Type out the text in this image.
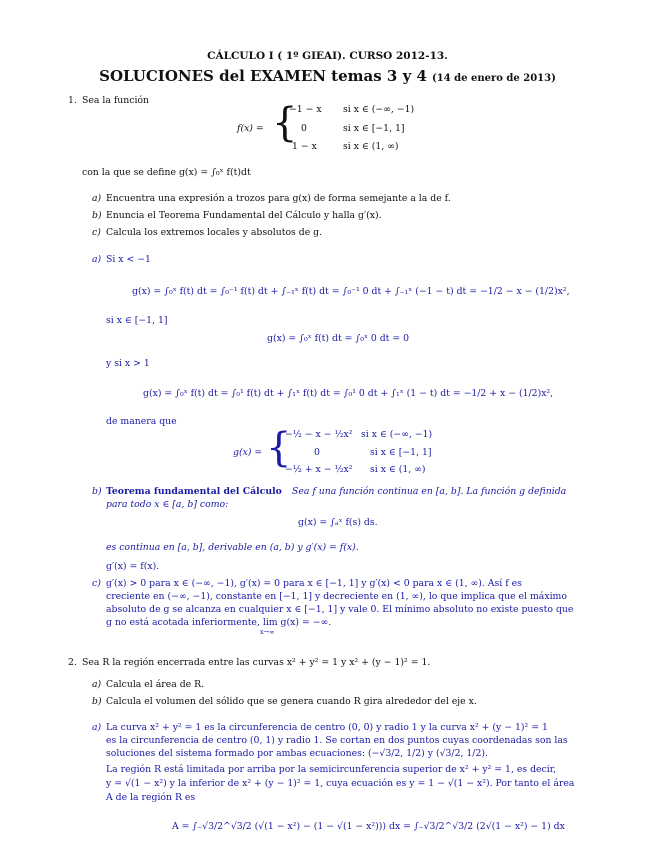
CÁLCULO I ( 1º GIEAI). CURSO 2012-13.
SOLUCIONES del EXAMEN temas 3 y 4 (14 de enero de 2013)
1. Sea la función
f(x) = {
−1 − x si x ∈ (−∞, −1)
0	si x ∈ [−1, 1]
1 − x	si x ∈ (1, ∞)
con la que se define g(x) = ∫₀ˣ f(t)dt
a) Encuentra una expresión a trozos para g(x) de forma semejante a la de f.
b) Enuncia el Teorema Fundamental del Cálculo y halla g′(x).
c) Calcula los extremos locales y absolutos de g.
a) Si x < −1
g(x) = ∫₀ˣ f(t) dt = ∫₀⁻¹ f(t) dt + ∫₋₁ˣ f(t) dt = ∫₀⁻¹ 0 dt + ∫₋₁ˣ (−1 − t) dt = −1/2 − x − (1/2)x²,
si x ∈ [−1, 1]
g(x) = ∫₀ˣ f(t) dt = ∫₀ˣ 0 dt = 0
y si x > 1
g(x) = ∫₀ˣ f(t) dt = ∫₀¹ f(t) dt + ∫₁ˣ f(t) dt = ∫₀¹ 0 dt + ∫₁ˣ (1 − t) dt = −1/2 + x − (1/2)x²,
de manera que
g(x) = {
−½ − x − ½x² si x ∈ (−∞, −1)
0	si x ∈ [−1, 1]
−½ + x − ½x² si x ∈ (1, ∞)
b) Teorema fundamental del Cálculo Sea f una función continua en [a, b]. La función g definida
para todo x ∈ [a, b] como:
g(x) = ∫ₐˣ f(s) ds.
es continua en [a, b], derivable en (a, b) y g′(x) = f(x).
g′(x) = f(x).
c) g′(x) > 0 para x ∈ (−∞, −1), g′(x) = 0 para x ∈ [−1, 1] y g′(x) < 0 para x ∈ (1, ∞). Así f es
creciente en (−∞, −1), constante en [−1, 1] y decreciente en (1, ∞), lo que implica que el máximo
absoluto de g se alcanza en cualquier x ∈ [−1, 1] y vale 0. El mínimo absoluto no existe puesto que
g no está acotada inferiormente, lim g(x) = −∞.
x→∞
2. Sea R la región encerrada entre las curvas x² + y² = 1 y x² + (y − 1)² = 1.
a) Calcula el área de R.
b) Calcula el volumen del sólido que se genera cuando R gira alrededor del eje x.
a) La curva x² + y² = 1 es la circunferencia de centro (0, 0) y radio 1 y la curva x² + (y − 1)² = 1
es la circunferencia de centro (0, 1) y radio 1. Se cortan en dos puntos cuyas coordenadas son las
soluciones del sistema formado por ambas ecuaciones: (−√3/2, 1/2) y (√3/2, 1/2).
La región R está limitada por arriba por la semicircunferencia superior de x² + y² = 1, es decir,
y = √(1 − x²) y la inferior de x² + (y − 1)² = 1, cuya ecuación es y = 1 − √(1 − x²). Por tanto el área
A de la región R es
A = ∫₋√3/2^√3/2 (√(1 − x²) − (1 − √(1 − x²))) dx = ∫₋√3/2^√3/2 (2√(1 − x²) − 1) dx
